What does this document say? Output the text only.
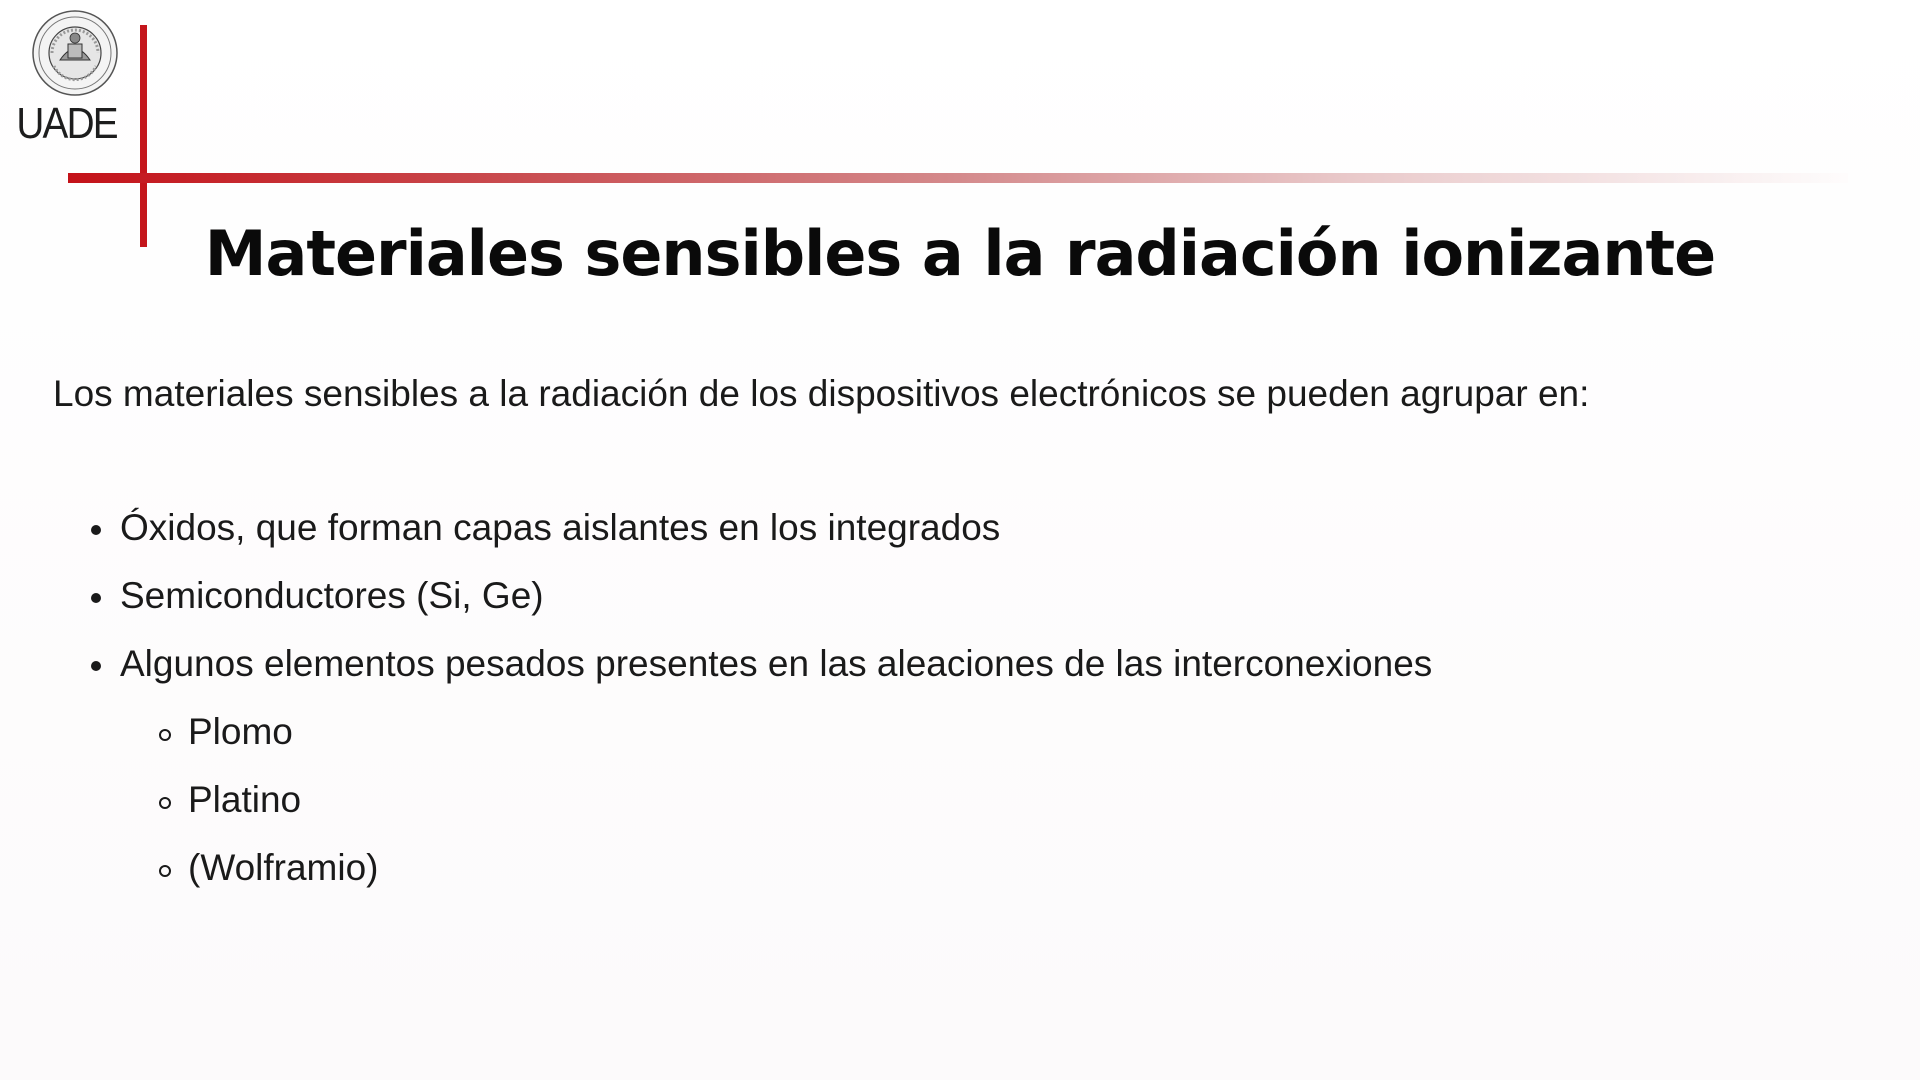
UADE
Materiales sensibles a la radiación ionizante
Los materiales sensibles a la radiación de los dispositivos electrónicos se pueden agrupar en:
Óxidos, que forman capas aislantes en los integrados
Semiconductores (Si, Ge)
Algunos elementos pesados presentes en las aleaciones de las interconexiones
Plomo
Platino
(Wolframio)
